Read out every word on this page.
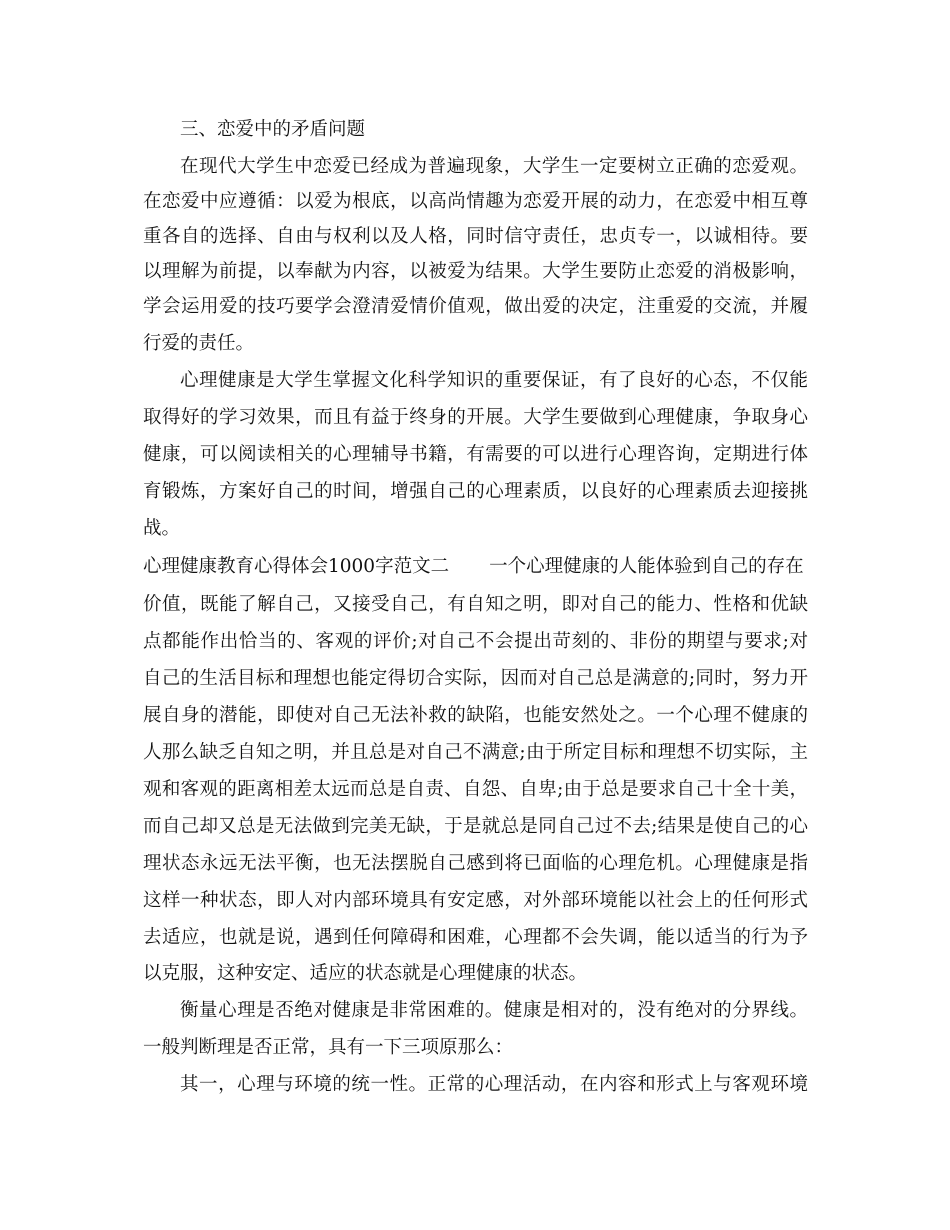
三、恋爱中的矛盾问题
在现代大学生中恋爱已经成为普遍现象，大学生一定要树立正确的恋爱观。
在恋爱中应遵循：以爱为根底，以高尚情趣为恋爱开展的动力，在恋爱中相互尊
重各自的选择、自由与权利以及人格，同时信守责任，忠贞专一，以诚相待。要
以理解为前提，以奉献为内容，以被爱为结果。大学生要防止恋爱的消极影响，
学会运用爱的技巧要学会澄清爱情价值观，做出爱的决定，注重爱的交流，并履
行爱的责任。
心理健康是大学生掌握文化科学知识的重要保证，有了良好的心态，不仅能
取得好的学习效果，而且有益于终身的开展。大学生要做到心理健康，争取身心
健康，可以阅读相关的心理辅导书籍，有需要的可以进行心理咨询，定期进行体
育锻炼，方案好自己的时间，增强自己的心理素质，以良好的心理素质去迎接挑
战。
心理健康教育心得体会1000字范文二 一个心理健康的人能体验到自己的存在
价值，既能了解自己，又接受自己，有自知之明，即对自己的能力、性格和优缺
点都能作出恰当的、客观的评价;对自己不会提出苛刻的、非份的期望与要求;对
自己的生活目标和理想也能定得切合实际，因而对自己总是满意的;同时，努力开
展自身的潜能，即使对自己无法补救的缺陷，也能安然处之。一个心理不健康的
人那么缺乏自知之明，并且总是对自己不满意;由于所定目标和理想不切实际，主
观和客观的距离相差太远而总是自责、自怨、自卑;由于总是要求自己十全十美，
而自己却又总是无法做到完美无缺，于是就总是同自己过不去;结果是使自己的心
理状态永远无法平衡，也无法摆脱自己感到将已面临的心理危机。心理健康是指
这样一种状态，即人对内部环境具有安定感，对外部环境能以社会上的任何形式
去适应，也就是说，遇到任何障碍和困难，心理都不会失调，能以适当的行为予
以克服，这种安定、适应的状态就是心理健康的状态。
衡量心理是否绝对健康是非常困难的。健康是相对的，没有绝对的分界线。
一般判断理是否正常，具有一下三项原那么：
其一，心理与环境的统一性。正常的心理活动，在内容和形式上与客观环境
